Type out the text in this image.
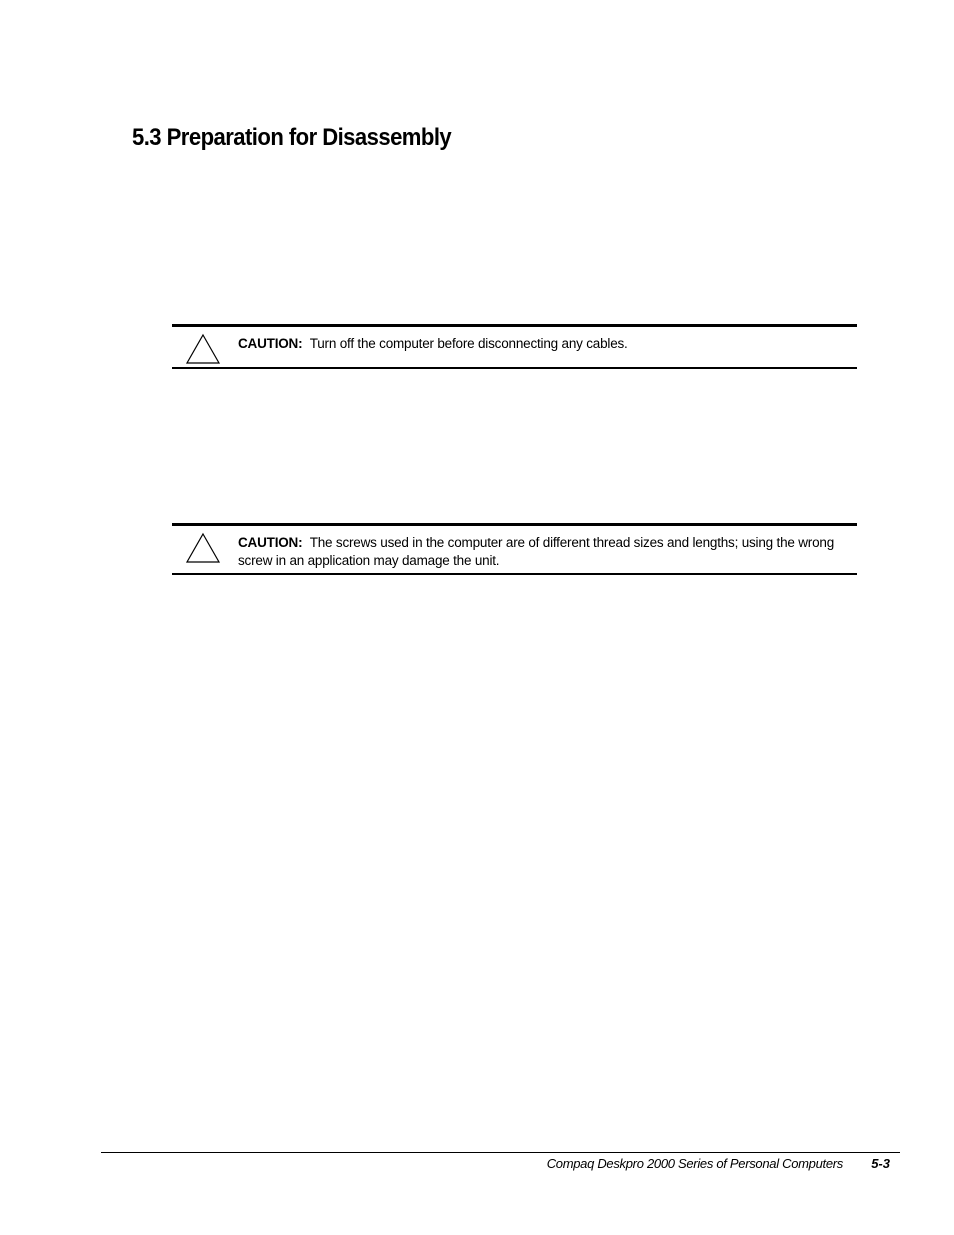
5.3 Preparation for Disassembly
CAUTION: Turn off the computer before disconnecting any cables.
CAUTION: The screws used in the computer are of different thread sizes and lengths; using the wrong screw in an application may damage the unit.
Compaq Deskpro 2000 Series of Personal Computers 5-3
